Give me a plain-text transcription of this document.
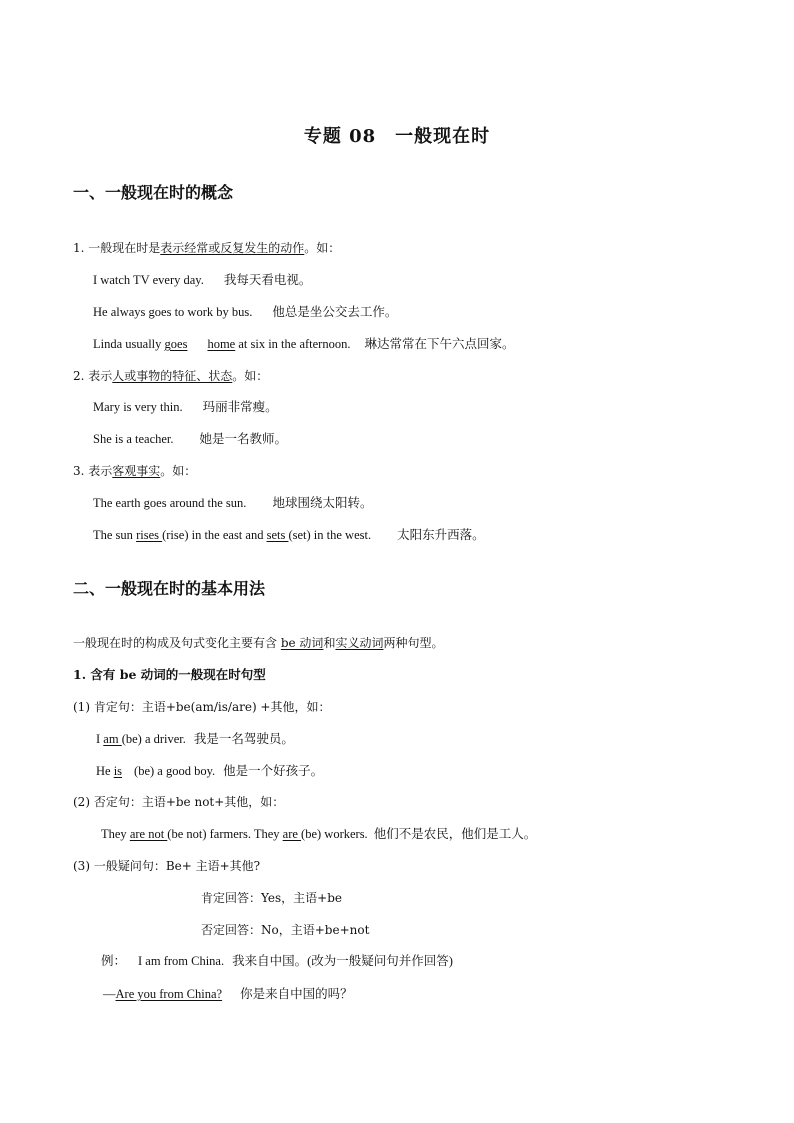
专题 08　一般现在时
一、一般现在时的概念
1. 一般现在时是表示经常或反复发生的动作。如：
I watch TV every day. 我每天看电视。
He always goes to work by bus. 他总是坐公交去工作。
Linda usually goes home at six in the afternoon. 琳达常常在下午六点回家。
2. 表示人或事物的特征、状态。如：
Mary is very thin. 玛丽非常瘦。
She is a teacher. 她是一名教师。
3. 表示客观事实。如：
The earth goes around the sun. 地球围绕太阳转。
The sun rises (rise) in the east and sets (set) in the west. 太阳东升西落。
二、一般现在时的基本用法
一般现在时的构成及句式变化主要有含 be 动词和实义动词两种句型。
1. 含有 be 动词的一般现在时句型
(1) 肯定句：主语+be(am/is/are) +其他，如：
I am (be) a driver. 我是一名驾驶员。
He is (be) a good boy. 他是一个好孩子。
(2) 否定句：主语+be not+其他，如：
They are not (be not) farmers. They are (be) workers. 他们不是农民，他们是工人。
(3) 一般疑问句：Be+ 主语+其他?
肯定回答：Yes，主语+be
否定回答：No，主语+be+not
例： I am from China. 我来自中国。(改为一般疑问句并作回答)
—Are you from China? 你是来自中国的吗？
